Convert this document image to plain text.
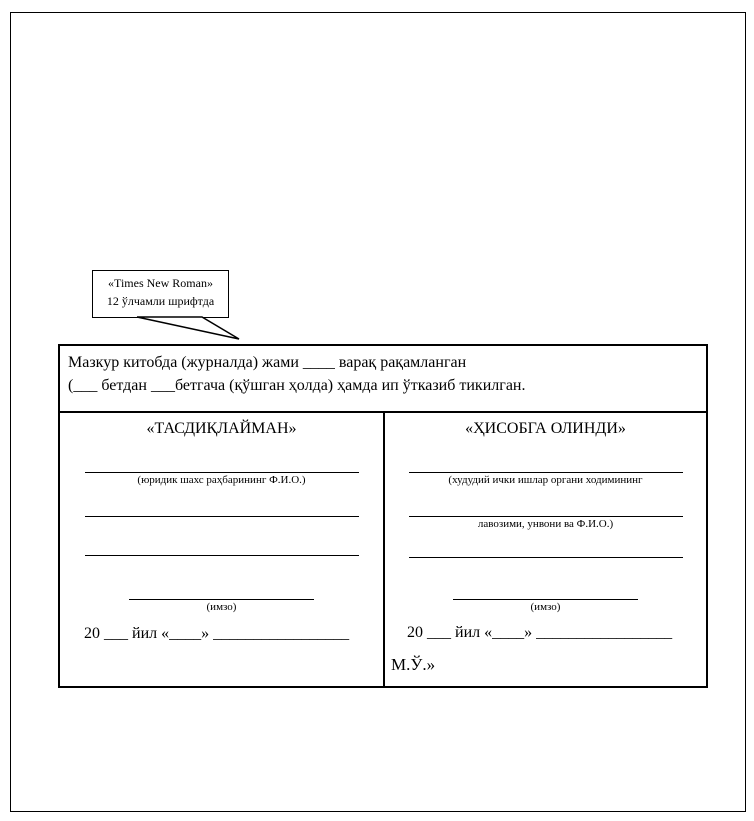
«Times New Roman»
12 ўлчамли шрифтда
Мазкур китобда (журналда) жами ____ варақ рақамланган
(___ бетдан ___бетгача (қўшган ҳолда) ҳамда ип ўтказиб тикилган.
«ТАСДИҚЛАЙМАН»
(юридик шахс раҳбарининг Ф.И.О.)
(имзо)
20 ___ йил «____» _________________
«ҲИСОБГА ОЛИНДИ»
(худудий ички ишлар органи ходимининг
лавозими, унвони ва Ф.И.О.)
(имзо)
20 ___ йил «____» _________________
М.Ў.»
